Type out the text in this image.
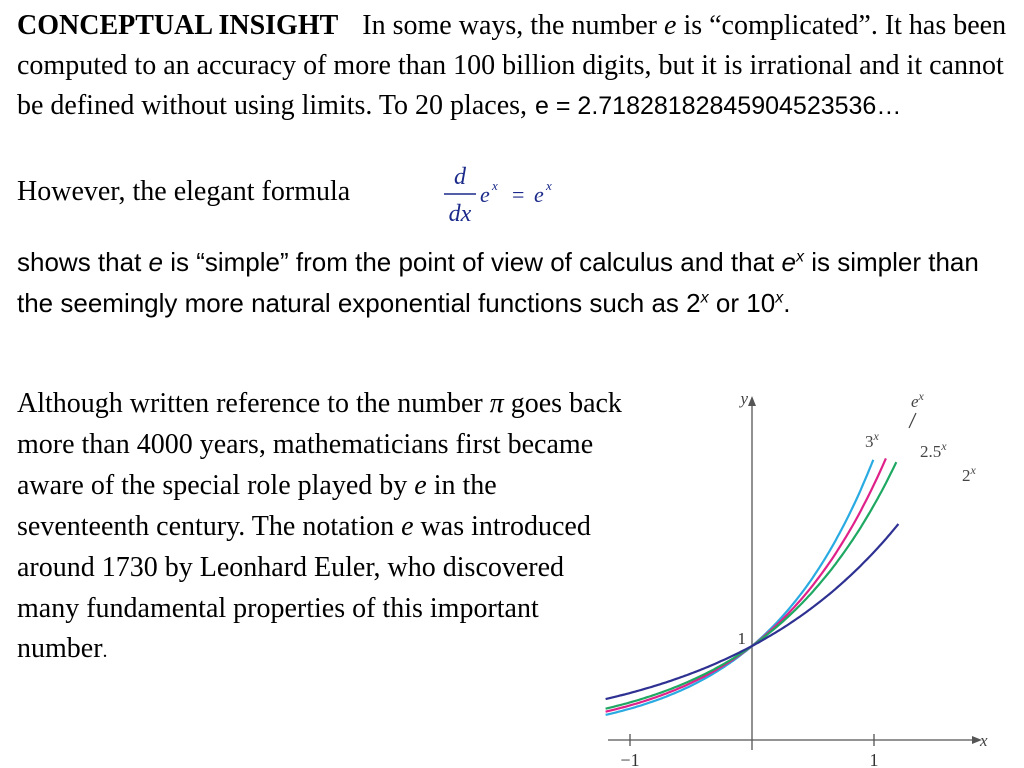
CONCEPTUAL INSIGHT In some ways, the number e is “complicated”. It has been computed to an accuracy of more than 100 billion digits, but it is irrational and it cannot be defined without using limits. To 20 places, e = 2.71828182845904523536…
However, the elegant formula	d
dx
e x = e x
shows that e is “simple” from the point of view of calculus and that $e^x$ is simpler than the seemingly more natural exponential functions such as 2$^x$ or 10$^x$.
Although written reference to the number π goes back more than 4000 years, mathematicians first became aware of the special role played by e in the seventeenth century. The notation e was introduced around 1730 by Leonhard Euler, who discovered many fundamental properties of this important number.
x
y
−1	1
1
3$^x$
$e^x$
2.5$^x$
2$^x$
